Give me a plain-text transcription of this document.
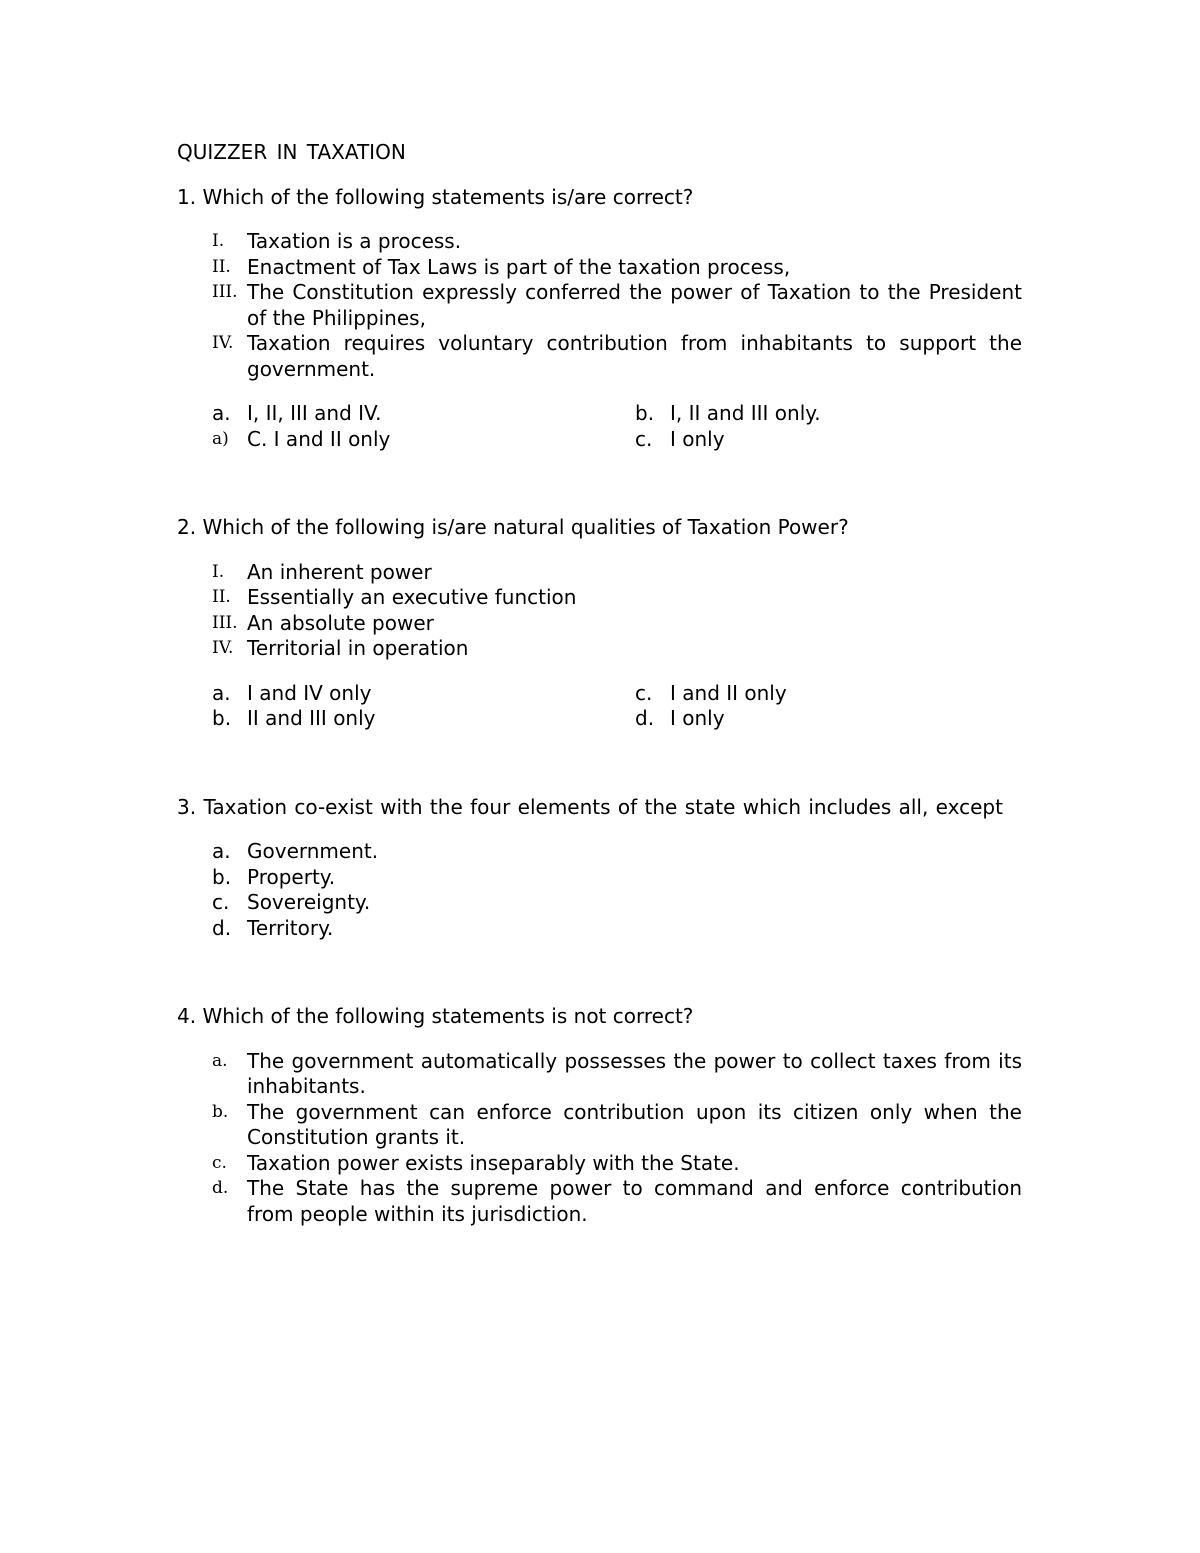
QUIZZER IN TAXATION
1. Which of the following statements is/are correct?
I.	Taxation is a process.
II. Enactment of Tax Laws is part of the taxation process,
III. The Constitution expressly conferred the power of Taxation to the President of the Philippines,
IV. Taxation requires voluntary contribution from inhabitants to support the government.
a. I, II, III and IV.	b. I, II and III only.
a) C. I and II only	c. I only
2. Which of the following is/are natural qualities of Taxation Power?
I.	An inherent power
II. Essentially an executive function
III. An absolute power
IV. Territorial in operation
a. I and IV only	c. I and II only
b. II and III only	d. I only
3. Taxation co-exist with the four elements of the state which includes all, except
a. Government.
b. Property.
c. Sovereignty.
d. Territory.
4. Which of the following statements is not correct?
a. The government automatically possesses the power to collect taxes from its inhabitants.
b. The government can enforce contribution upon its citizen only when the Constitution grants it.
c.	Taxation power exists inseparably with the State.
d. The State has the supreme power to command and enforce contribution from people within its jurisdiction.
